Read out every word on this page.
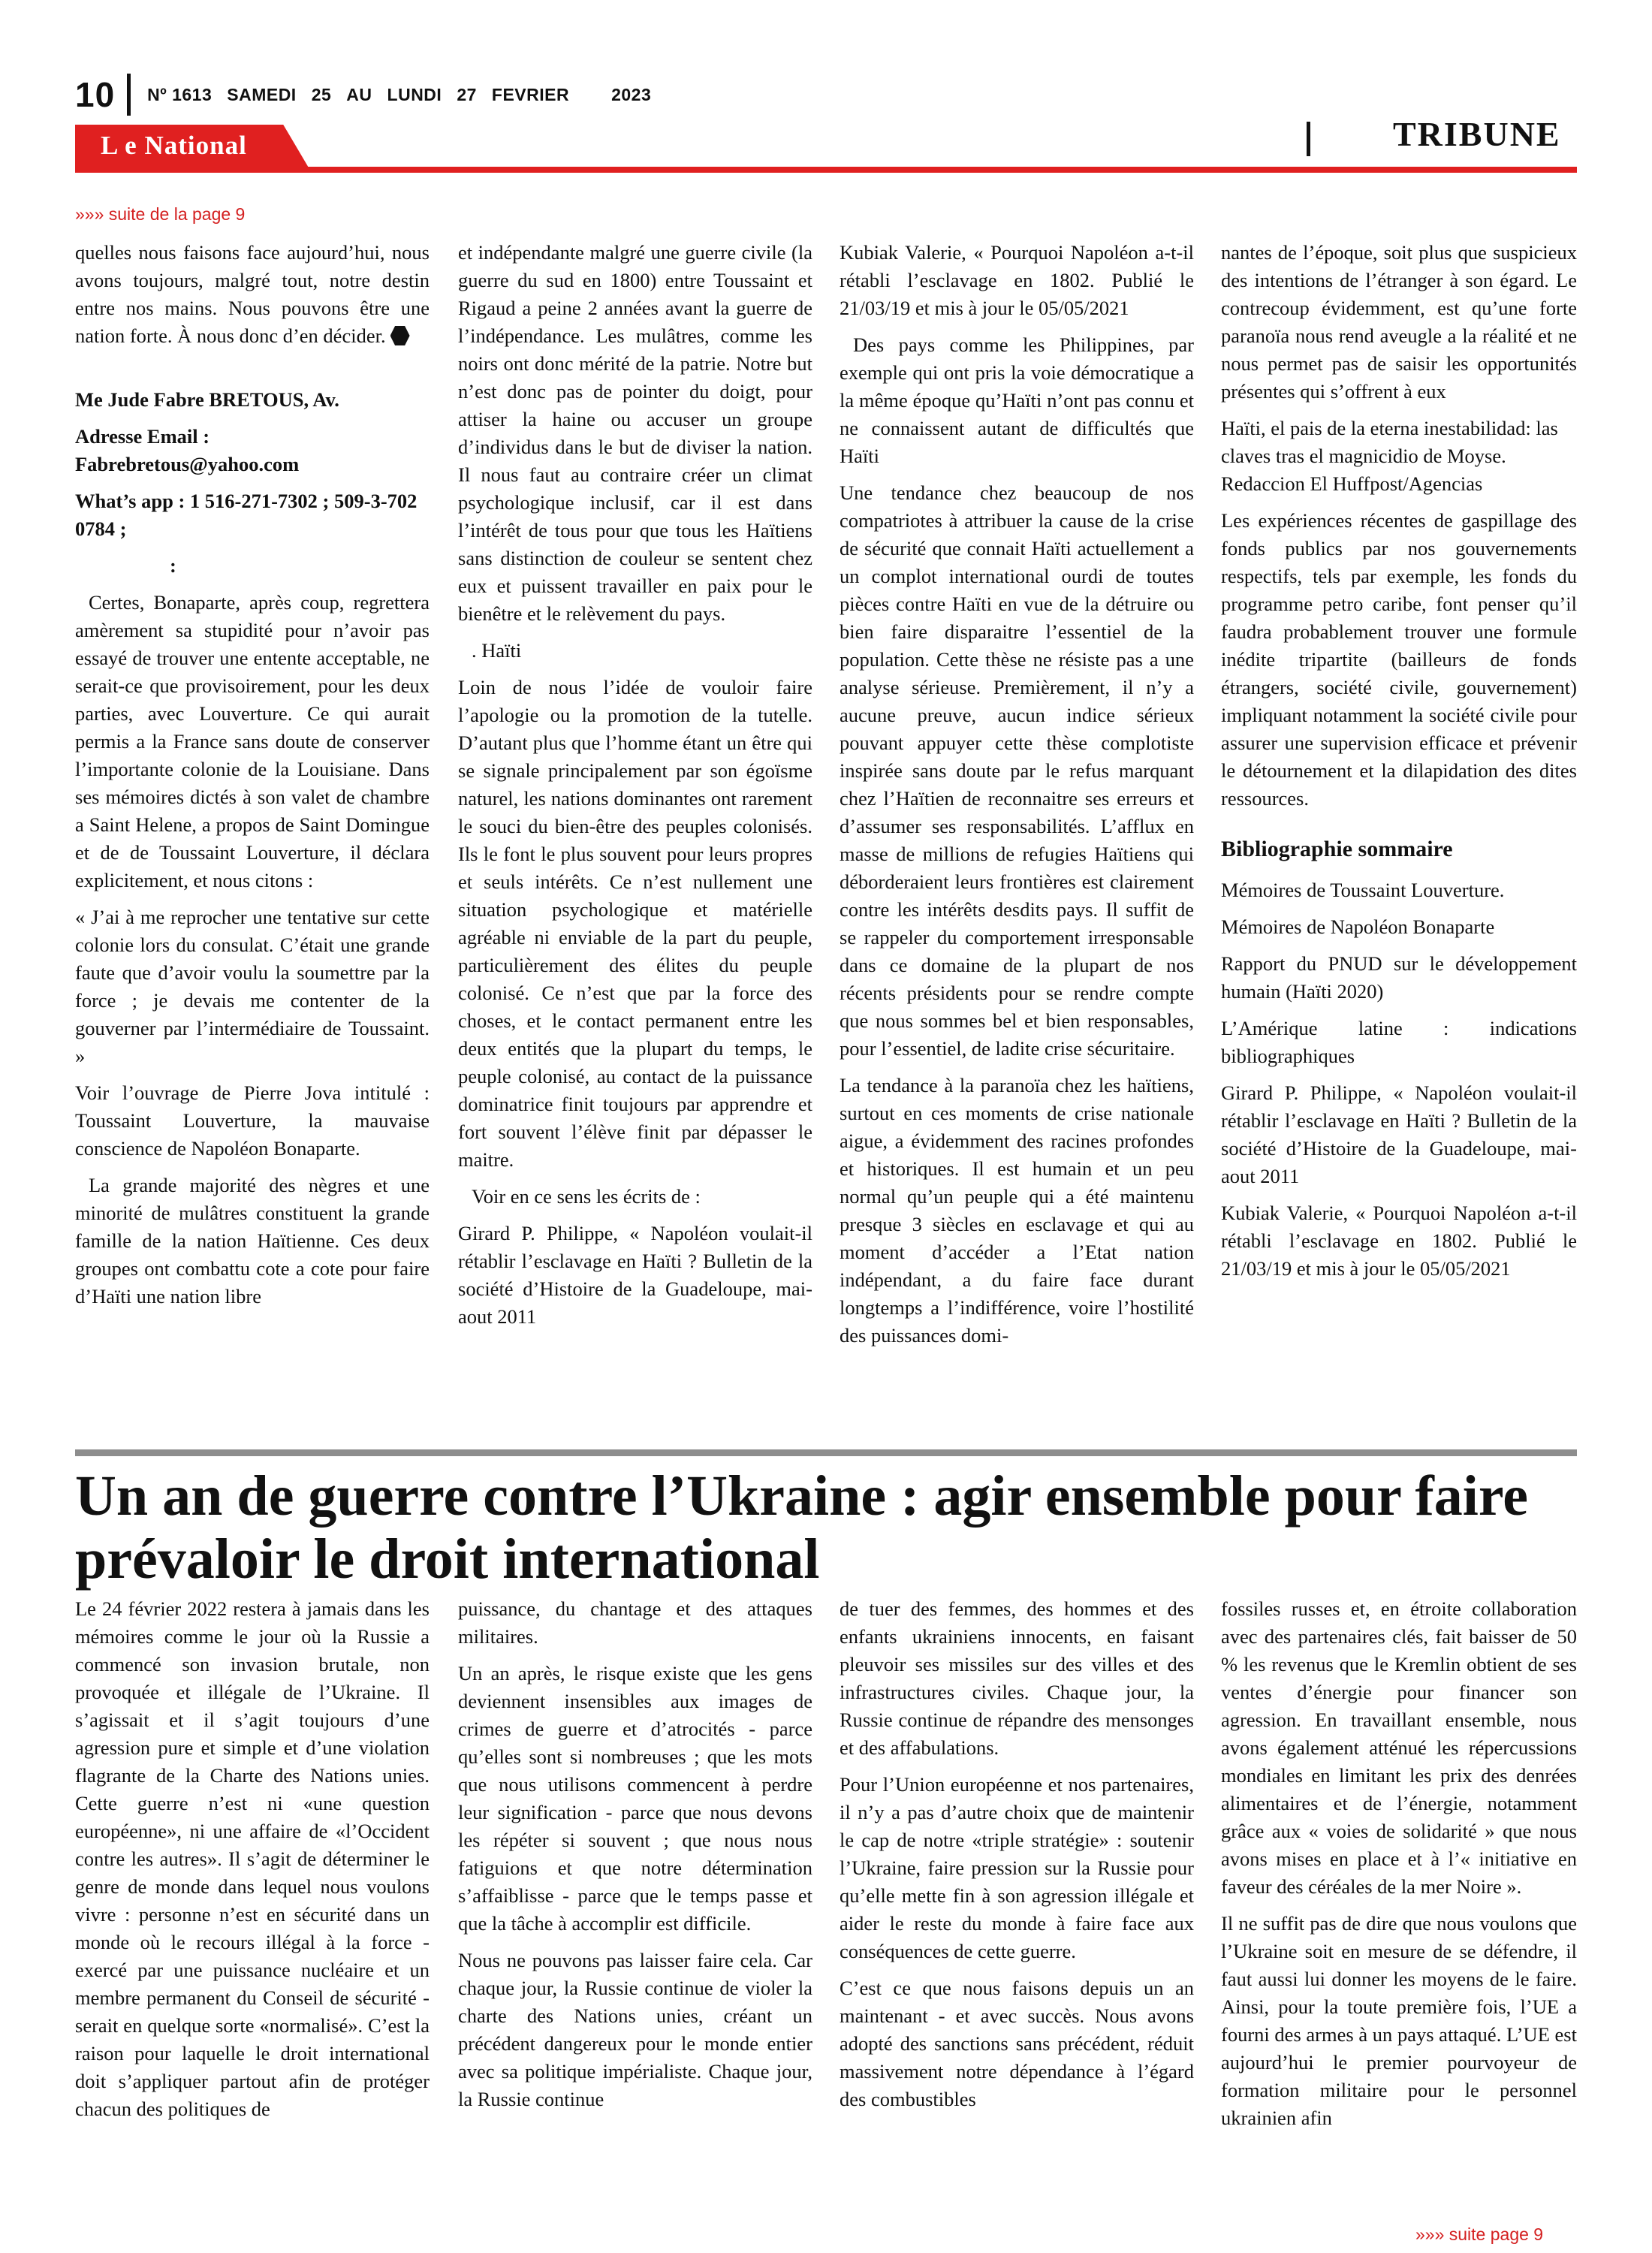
10 Nº 1613 SAMEDI 25 AU LUNDI 27 FEVRIER 2023
L e National	TRIBUNE
»»» suite de la page 9

quelles nous faisons face aujourd’hui, nous avons toujours, malgré tout, notre destin entre nos mains. Nous pouvons être une nation forte. À nous donc d’en décider.

Me Jude Fabre BRETOUS, Av.

Adresse Email : Fabrebretous@yahoo.com

What’s app : 1 516-271-7302 ; 509-3-702 0784 ;

:

Certes, Bonaparte, après coup, regrettera amèrement sa stupidité pour n’avoir pas essayé de trouver une entente acceptable, ne serait-ce que provisoirement, pour les deux parties, avec Louverture. Ce qui aurait permis a la France sans doute de conserver l’importante colonie de la Louisiane. Dans ses mémoires dictés à son valet de chambre a Saint Helene, a propos de Saint Domingue et de de Toussaint Louverture, il déclara explicitement, et nous citons :

« J’ai à me reprocher une tentative sur cette colonie lors du consulat. C’était une grande faute que d’avoir voulu la soumettre par la force ; je devais me contenter de la gouverner par l’intermédiaire de Toussaint. »

Voir l’ouvrage de Pierre Jova intitulé : Toussaint Louverture, la mauvaise conscience de Napoléon Bonaparte.

La grande majorité des nègres et une minorité de mulâtres constituent la grande famille de la nation Haïtienne. Ces deux groupes ont combattu cote a cote pour faire d’Haïti une nation libre

et indépendante malgré une guerre civile (la guerre du sud en 1800) entre Toussaint et Rigaud a peine 2 années avant la guerre de l’indépendance. Les mulâtres, comme les noirs ont donc mérité de la patrie. Notre but n’est donc pas de pointer du doigt, pour attiser la haine ou accuser un groupe d’individus dans le but de diviser la nation. Il nous faut au contraire créer un climat psychologique inclusif, car il est dans l’intérêt de tous pour que tous les Haïtiens sans distinction de couleur se sentent chez eux et puissent travailler en paix pour le bienêtre et le relèvement du pays.

. Haïti

Loin de nous l’idée de vouloir faire l’apologie ou la promotion de la tutelle. D’autant plus que l’homme étant un être qui se signale principalement par son égoïsme naturel, les nations dominantes ont rarement le souci du bien-être des peuples colonisés. Ils le font le plus souvent pour leurs propres et seuls intérêts. Ce n’est nullement une situation psychologique et matérielle agréable ni enviable de la part du peuple, particulièrement des élites du peuple colonisé. Ce n’est que par la force des choses, et le contact permanent entre les deux entités que la plupart du temps, le peuple colonisé, au contact de la puissance dominatrice finit toujours par apprendre et fort souvent l’élève finit par dépasser le maitre.

Voir en ce sens les écrits de :

Girard P. Philippe, « Napoléon voulait-il rétablir l’esclavage en Haïti ? Bulletin de la société d’Histoire de la Guadeloupe, mai-aout 2011

Kubiak Valerie, « Pourquoi Napoléon a-t-il rétabli l’esclavage en 1802. Publié le 21/03/19 et mis à jour le 05/05/2021

Des pays comme les Philippines, par exemple qui ont pris la voie démocratique a la même époque qu’Haïti n’ont pas connu et ne connaissent autant de difficultés que Haïti

Une tendance chez beaucoup de nos compatriotes à attribuer la cause de la crise de sécurité que connait Haïti actuellement a un complot international ourdi de toutes pièces contre Haïti en vue de la détruire ou bien faire disparaitre l’essentiel de la population. Cette thèse ne résiste pas a une analyse sérieuse. Premièrement, il n’y a aucune preuve, aucun indice sérieux pouvant appuyer cette thèse complotiste inspirée sans doute par le refus marquant chez l’Haïtien de reconnaitre ses erreurs et d’assumer ses responsabilités. L’afflux en masse de millions de refugies Haïtiens qui déborderaient leurs frontières est clairement contre les intérêts desdits pays. Il suffit de se rappeler du comportement irresponsable dans ce domaine de la plupart de nos récents présidents pour se rendre compte que nous sommes bel et bien responsables, pour l’essentiel, de ladite crise sécuritaire.

La tendance à la paranoïa chez les haïtiens, surtout en ces moments de crise nationale aigue, a évidemment des racines profondes et historiques. Il est humain et un peu normal qu’un peuple qui a été maintenu presque 3 siècles en esclavage et qui au moment d’accéder a l’Etat nation indépendant, a du faire face durant longtemps a l’indifférence, voire l’hostilité des puissances domi-

nantes de l’époque, soit plus que suspicieux des intentions de l’étranger à son égard. Le contrecoup évidemment, est qu’une forte paranoïa nous rend aveugle a la réalité et ne nous permet pas de saisir les opportunités présentes qui s’offrent à eux

Haïti, el pais de la eterna inestabilidad: las claves tras el magnicidio de Moyse. Redaccion El Huffpost/Agencias

Les expériences récentes de gaspillage des fonds publics par nos gouvernements respectifs, tels par exemple, les fonds du programme petro caribe, font penser qu’il faudra probablement trouver une formule inédite tripartite (bailleurs de fonds étrangers, société civile, gouvernement) impliquant notamment la société civile pour assurer une supervision efficace et prévenir le détournement et la dilapidation des dites ressources.

Bibliographie sommaire

Mémoires de Toussaint Louverture.

Mémoires de Napoléon Bonaparte

Rapport du PNUD sur le développement humain (Haïti 2020)

L’Amérique latine : indications bibliographiques

Girard P. Philippe, « Napoléon voulait-il rétablir l’esclavage en Haïti ? Bulletin de la société d’Histoire de la Guadeloupe, mai-aout 2011

Kubiak Valerie, « Pourquoi Napoléon a-t-il rétabli l’esclavage en 1802. Publié le 21/03/19 et mis à jour le 05/05/2021

Un an de guerre contre l’Ukraine : agir ensemble pour faire prévaloir le droit international

Le 24 février 2022 restera à jamais dans les mémoires comme le jour où la Russie a commencé son invasion brutale, non provoquée et illégale de l’Ukraine. Il s’agissait et il s’agit toujours d’une agression pure et simple et d’une violation flagrante de la Charte des Nations unies. Cette guerre n’est ni «une question européenne», ni une affaire de «l’Occident contre les autres». Il s’agit de déterminer le genre de monde dans lequel nous voulons vivre : personne n’est en sécurité dans un monde où le recours illégal à la force - exercé par une puissance nucléaire et un membre permanent du Conseil de sécurité - serait en quelque sorte «normalisé». C’est la raison pour laquelle le droit international doit s’appliquer partout afin de protéger chacun des politiques de

puissance, du chantage et des attaques militaires.

Un an après, le risque existe que les gens deviennent insensibles aux images de crimes de guerre et d’atrocités - parce qu’elles sont si nombreuses ; que les mots que nous utilisons commencent à perdre leur signification - parce que nous devons les répéter si souvent ; que nous nous fatiguions et que notre détermination s’affaiblisse - parce que le temps passe et que la tâche à accomplir est difficile.

Nous ne pouvons pas laisser faire cela. Car chaque jour, la Russie continue de violer la charte des Nations unies, créant un précédent dangereux pour le monde entier avec sa politique impérialiste. Chaque jour, la Russie continue

de tuer des femmes, des hommes et des enfants ukrainiens innocents, en faisant pleuvoir ses missiles sur des villes et des infrastructures civiles. Chaque jour, la Russie continue de répandre des mensonges et des affabulations.

Pour l’Union européenne et nos partenaires, il n’y a pas d’autre choix que de maintenir le cap de notre «triple stratégie» : soutenir l’Ukraine, faire pression sur la Russie pour qu’elle mette fin à son agression illégale et aider le reste du monde à faire face aux conséquences de cette guerre.

C’est ce que nous faisons depuis un an maintenant - et avec succès. Nous avons adopté des sanctions sans précédent, réduit massivement notre dépendance à l’égard des combustibles

fossiles russes et, en étroite collaboration avec des partenaires clés, fait baisser de 50 % les revenus que le Kremlin obtient de ses ventes d’énergie pour financer son agression. En travaillant ensemble, nous avons également atténué les répercussions mondiales en limitant les prix des denrées alimentaires et de l’énergie, notamment grâce aux « voies de solidarité » que nous avons mises en place et à l’« initiative en faveur des céréales de la mer Noire ».

Il ne suffit pas de dire que nous voulons que l’Ukraine soit en mesure de se défendre, il faut aussi lui donner les moyens de le faire. Ainsi, pour la toute première fois, l’UE a fourni des armes à un pays attaqué. L’UE est aujourd’hui le premier pourvoyeur de formation militaire pour le personnel ukrainien afin

»»» suite page 9
